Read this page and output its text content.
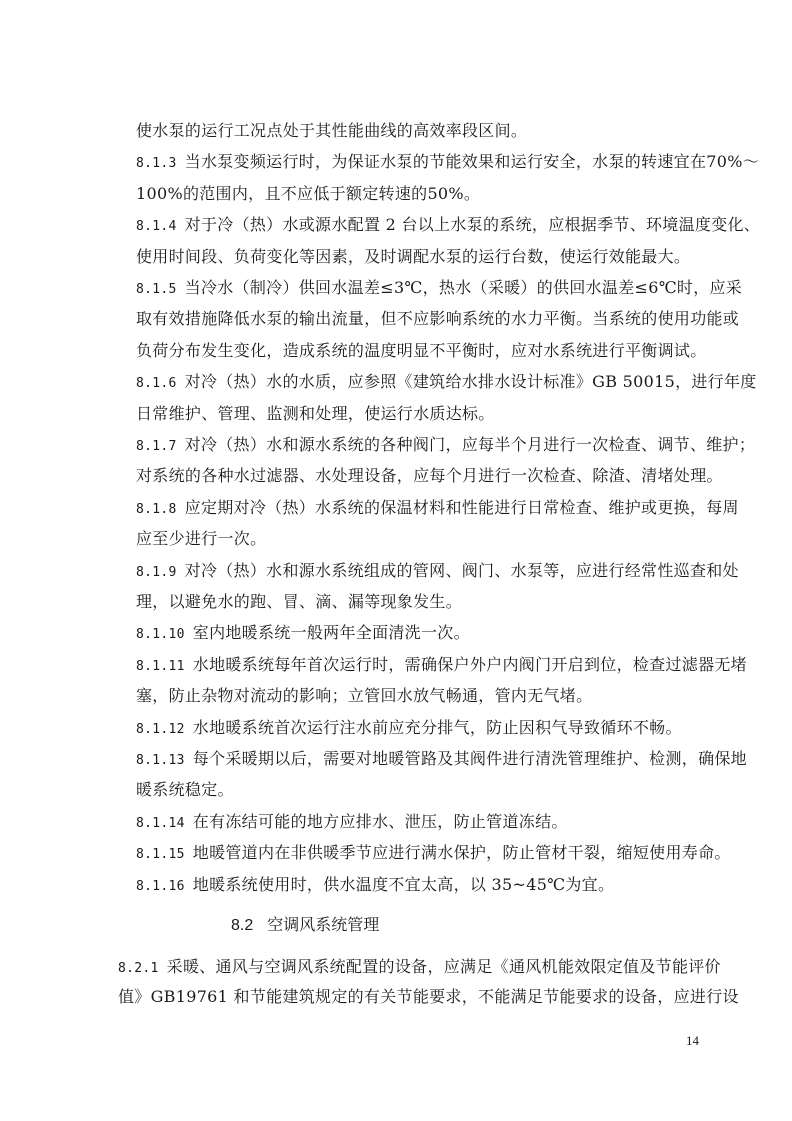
使水泵的运行工况点处于其性能曲线的高效率段区间。
8.1.3 当水泵变频运行时，为保证水泵的节能效果和运行安全，水泵的转速宜在70%～
100%的范围内，且不应低于额定转速的50%。
8.1.4 对于冷（热）水或源水配置 2 台以上水泵的系统，应根据季节、环境温度变化、
使用时间段、负荷变化等因素，及时调配水泵的运行台数，使运行效能最大。
8.1.5 当冷水（制冷）供回水温差≤3℃，热水（采暖）的供回水温差≤6℃时，应采
取有效措施降低水泵的输出流量，但不应影响系统的水力平衡。当系统的使用功能或
负荷分布发生变化，造成系统的温度明显不平衡时，应对水系统进行平衡调试。
8.1.6 对冷（热）水的水质，应参照《建筑给水排水设计标准》GB 50015，进行年度
日常维护、管理、监测和处理，使运行水质达标。
8.1.7 对冷（热）水和源水系统的各种阀门，应每半个月进行一次检查、调节、维护；
对系统的各种水过滤器、水处理设备，应每个月进行一次检查、除渣、清堵处理。
8.1.8 应定期对冷（热）水系统的保温材料和性能进行日常检查、维护或更换，每周
应至少进行一次。
8.1.9 对冷（热）水和源水系统组成的管网、阀门、水泵等，应进行经常性巡查和处
理，以避免水的跑、冒、滴、漏等现象发生。
8.1.10 室内地暖系统一般两年全面清洗一次。
8.1.11 水地暖系统每年首次运行时，需确保户外户内阀门开启到位，检查过滤器无堵
塞，防止杂物对流动的影响；立管回水放气畅通，管内无气堵。
8.1.12 水地暖系统首次运行注水前应充分排气，防止因积气导致循环不畅。
8.1.13 每个采暖期以后，需要对地暖管路及其阀件进行清洗管理维护、检测，确保地
暖系统稳定。
8.1.14 在有冻结可能的地方应排水、泄压，防止管道冻结。
8.1.15 地暖管道内在非供暖季节应进行满水保护，防止管材干裂，缩短使用寿命。
8.1.16 地暖系统使用时，供水温度不宜太高，以 35~45℃为宜。
8.2 空调风系统管理
8.2.1 采暖、通风与空调风系统配置的设备，应满足《通风机能效限定值及节能评价
值》GB19761 和节能建筑规定的有关节能要求，不能满足节能要求的设备，应进行设
14
